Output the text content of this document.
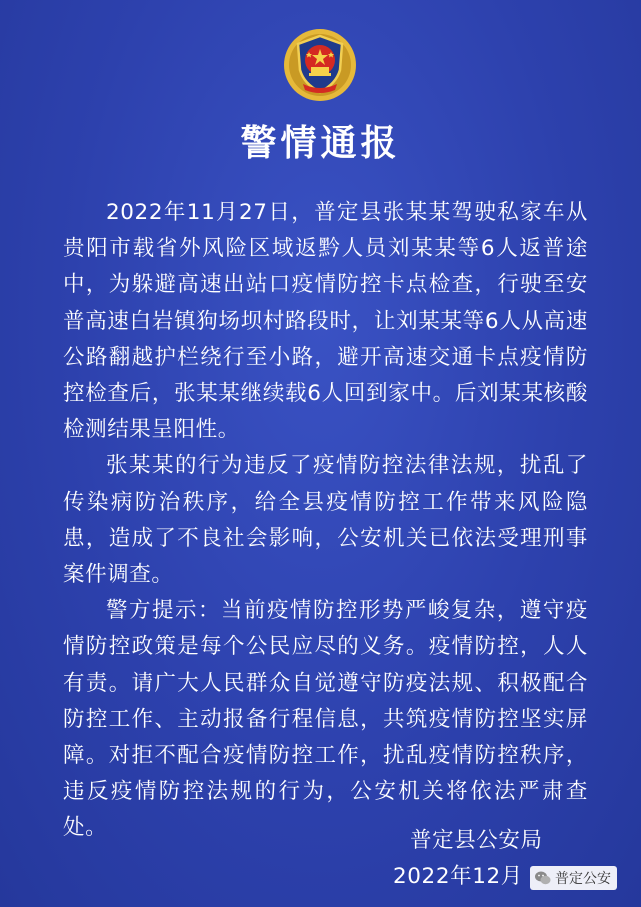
警情通报

2022年11月27日，普定县张某某驾驶私家车从贵阳市载省外风险区域返黔人员刘某某等6人返普途中，为躲避高速出站口疫情防控卡点检查，行驶至安普高速白岩镇狗场坝村路段时，让刘某某等6人从高速公路翻越护栏绕行至小路，避开高速交通卡点疫情防控检查后，张某某继续载6人回到家中。后刘某某核酸检测结果呈阳性。

张某某的行为违反了疫情防控法律法规，扰乱了传染病防治秩序，给全县疫情防控工作带来风险隐患，造成了不良社会影响，公安机关已依法受理刑事案件调查。

警方提示：当前疫情防控形势严峻复杂，遵守疫情防控政策是每个公民应尽的义务。疫情防控，人人有责。请广大人民群众自觉遵守防疫法规、积极配合防控工作、主动报备行程信息，共筑疫情防控坚实屏障。对拒不配合疫情防控工作，扰乱疫情防控秩序，违反疫情防控法规的行为，公安机关将依法严肃查处。

普定县公安局
2022年12月 普定公安
